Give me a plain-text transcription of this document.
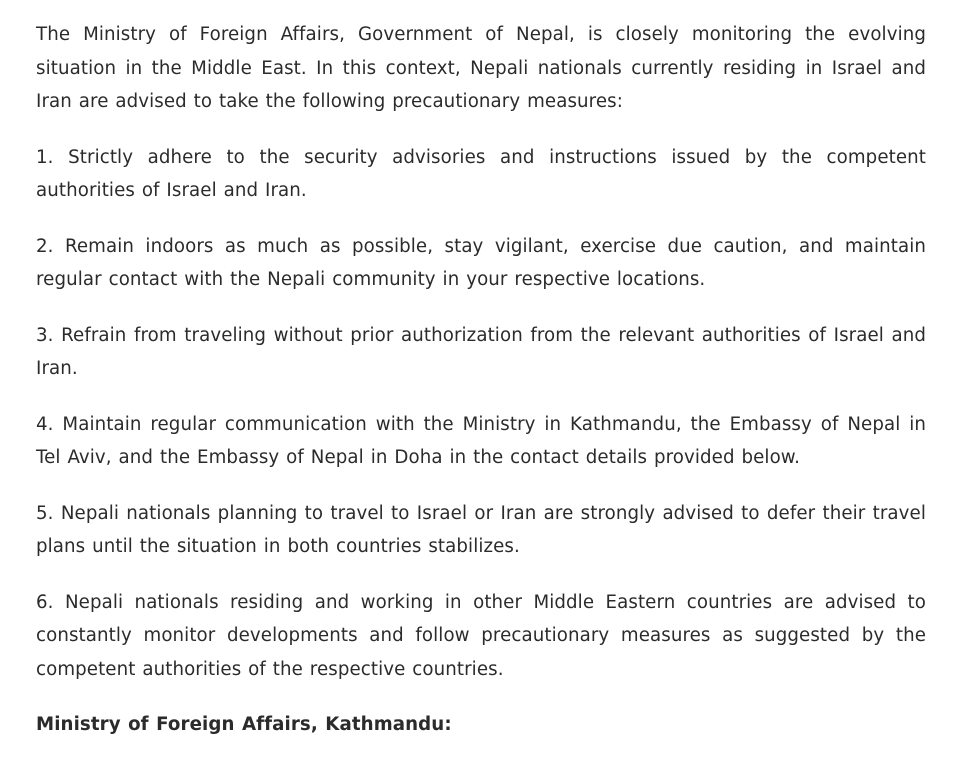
The Ministry of Foreign Affairs, Government of Nepal, is closely monitoring the evolving situation in the Middle East. In this context, Nepali nationals currently residing in Israel and Iran are advised to take the following precautionary measures:

1. Strictly adhere to the security advisories and instructions issued by the competent authorities of Israel and Iran.

2. Remain indoors as much as possible, stay vigilant, exercise due caution, and maintain regular contact with the Nepali community in your respective locations.

3. Refrain from traveling without prior authorization from the relevant authorities of Israel and Iran.

4. Maintain regular communication with the Ministry in Kathmandu, the Embassy of Nepal in Tel Aviv, and the Embassy of Nepal in Doha in the contact details provided below.

5. Nepali nationals planning to travel to Israel or Iran are strongly advised to defer their travel plans until the situation in both countries stabilizes.

6. Nepali nationals residing and working in other Middle Eastern countries are advised to constantly monitor developments and follow precautionary measures as suggested by the competent authorities of the respective countries.

Ministry of Foreign Affairs, Kathmandu:
